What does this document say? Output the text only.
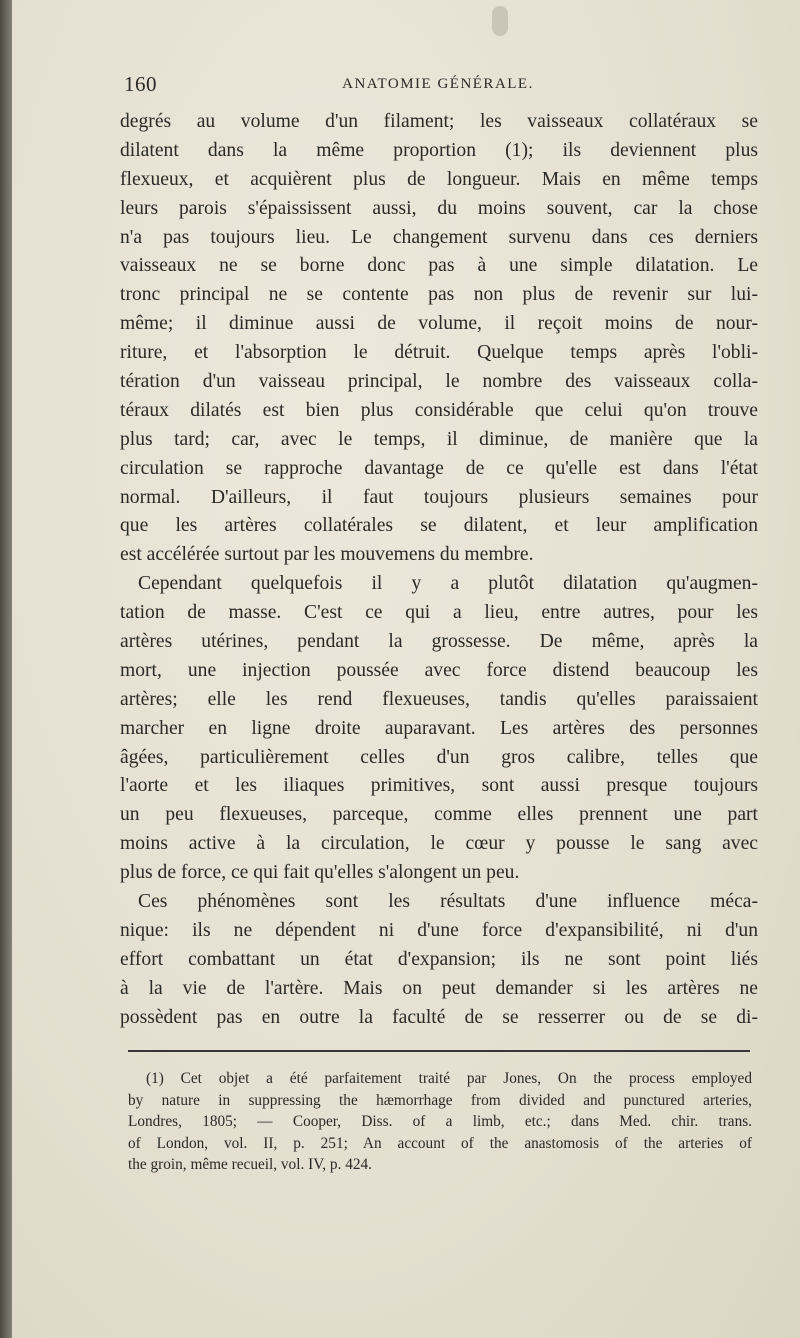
160	ANATOMIE GÉNÉRALE.
degrés au volume d'un filament; les vaisseaux collatéraux se
dilatent dans la même proportion (1); ils deviennent plus
flexueux, et acquièrent plus de longueur. Mais en même temps
leurs parois s'épaississent aussi, du moins souvent, car la chose
n'a pas toujours lieu. Le changement survenu dans ces derniers
vaisseaux ne se borne donc pas à une simple dilatation. Le
tronc principal ne se contente pas non plus de revenir sur lui-
même; il diminue aussi de volume, il reçoit moins de nour-
riture, et l'absorption le détruit. Quelque temps après l'obli-
tération d'un vaisseau principal, le nombre des vaisseaux colla-
téraux dilatés est bien plus considérable que celui qu'on trouve
plus tard; car, avec le temps, il diminue, de manière que la
circulation se rapproche davantage de ce qu'elle est dans l'état
normal. D'ailleurs, il faut toujours plusieurs semaines pour
que les artères collatérales se dilatent, et leur amplification
est accélérée surtout par les mouvemens du membre.
Cependant quelquefois il y a plutôt dilatation qu'augmen-
tation de masse. C'est ce qui a lieu, entre autres, pour les
artères utérines, pendant la grossesse. De même, après la
mort, une injection poussée avec force distend beaucoup les
artères; elle les rend flexueuses, tandis qu'elles paraissaient
marcher en ligne droite auparavant. Les artères des personnes
âgées, particulièrement celles d'un gros calibre, telles que
l'aorte et les iliaques primitives, sont aussi presque toujours
un peu flexueuses, parceque, comme elles prennent une part
moins active à la circulation, le cœur y pousse le sang avec
plus de force, ce qui fait qu'elles s'alongent un peu.
Ces phénomènes sont les résultats d'une influence méca-
nique: ils ne dépendent ni d'une force d'expansibilité, ni d'un
effort combattant un état d'expansion; ils ne sont point liés
à la vie de l'artère. Mais on peut demander si les artères ne
possèdent pas en outre la faculté de se resserrer ou de se di-
(1) Cet objet a été parfaitement traité par Jones, On the process employed
by nature in suppressing the hæmorrhage from divided and punctured arteries,
Londres, 1805; — Cooper, Diss. of a limb, etc.; dans Med. chir. trans.
of London, vol. II, p. 251; An account of the anastomosis of the arteries of
the groin, même recueil, vol. IV, p. 424.
